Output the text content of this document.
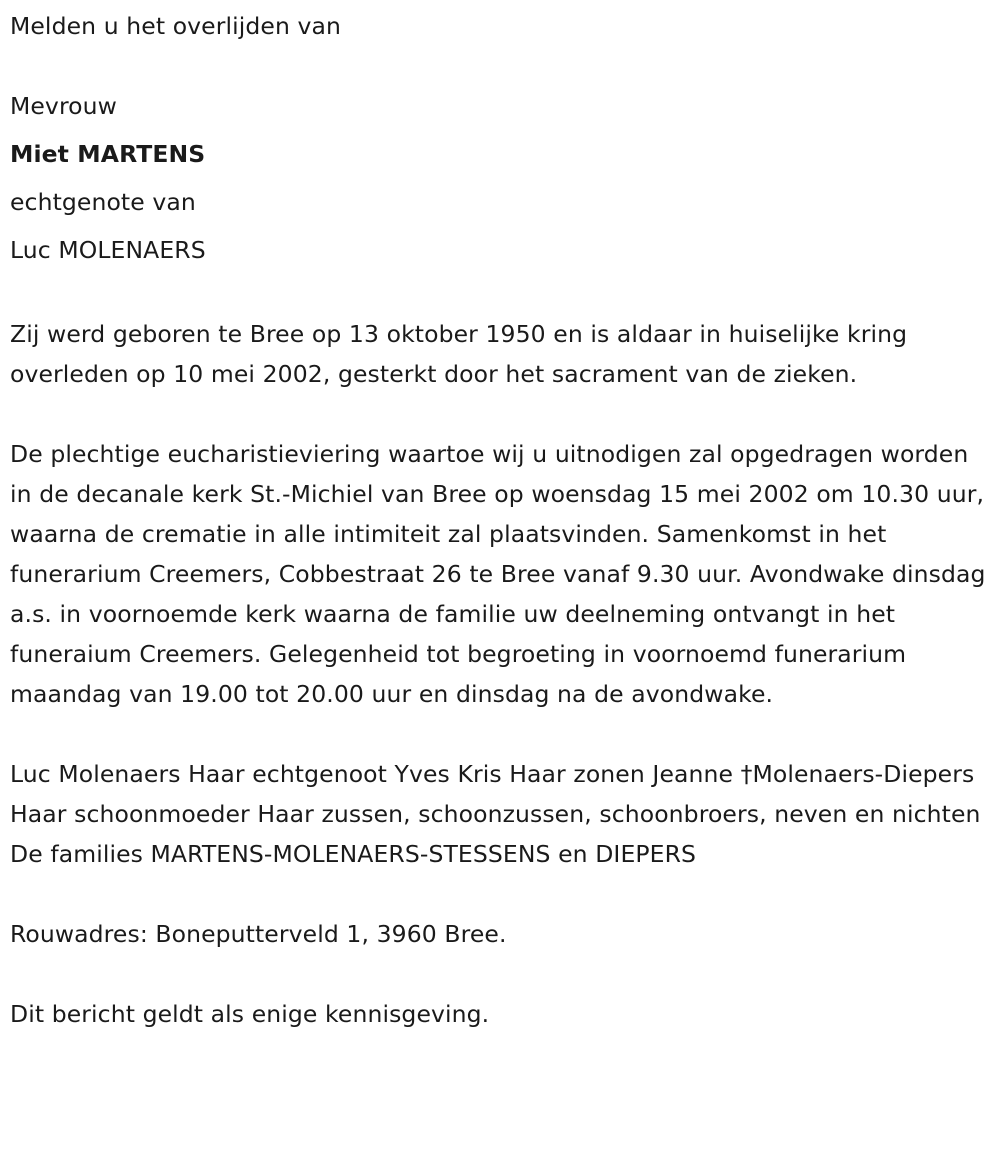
Melden u het overlijden van

Mevrouw

Miet MARTENS

echtgenote van

Luc MOLENAERS

Zij werd geboren te Bree op 13 oktober 1950 en is aldaar in huiselijke kring overleden op 10 mei 2002, gesterkt door het sacrament van de zieken.

De plechtige eucharistieviering waartoe wij u uitnodigen zal opgedragen worden in de decanale kerk St.-Michiel van Bree op woensdag 15 mei 2002 om 10.30 uur, waarna de crematie in alle intimiteit zal plaatsvinden. Samenkomst in het funerarium Creemers, Cobbestraat 26 te Bree vanaf 9.30 uur. Avondwake dinsdag a.s. in voornoemde kerk waarna de familie uw deelneming ontvangt in het funeraium Creemers. Gelegenheid tot begroeting in voornoemd funerarium maandag van 19.00 tot 20.00 uur en dinsdag na de avondwake.

Luc Molenaers Haar echtgenoot Yves Kris Haar zonen Jeanne †Molenaers-Diepers Haar schoonmoeder Haar zussen, schoonzussen, schoonbroers, neven en nichten De families MARTENS-MOLENAERS-STESSENS en DIEPERS

Rouwadres: Boneputterveld 1, 3960 Bree.

Dit bericht geldt als enige kennisgeving.
